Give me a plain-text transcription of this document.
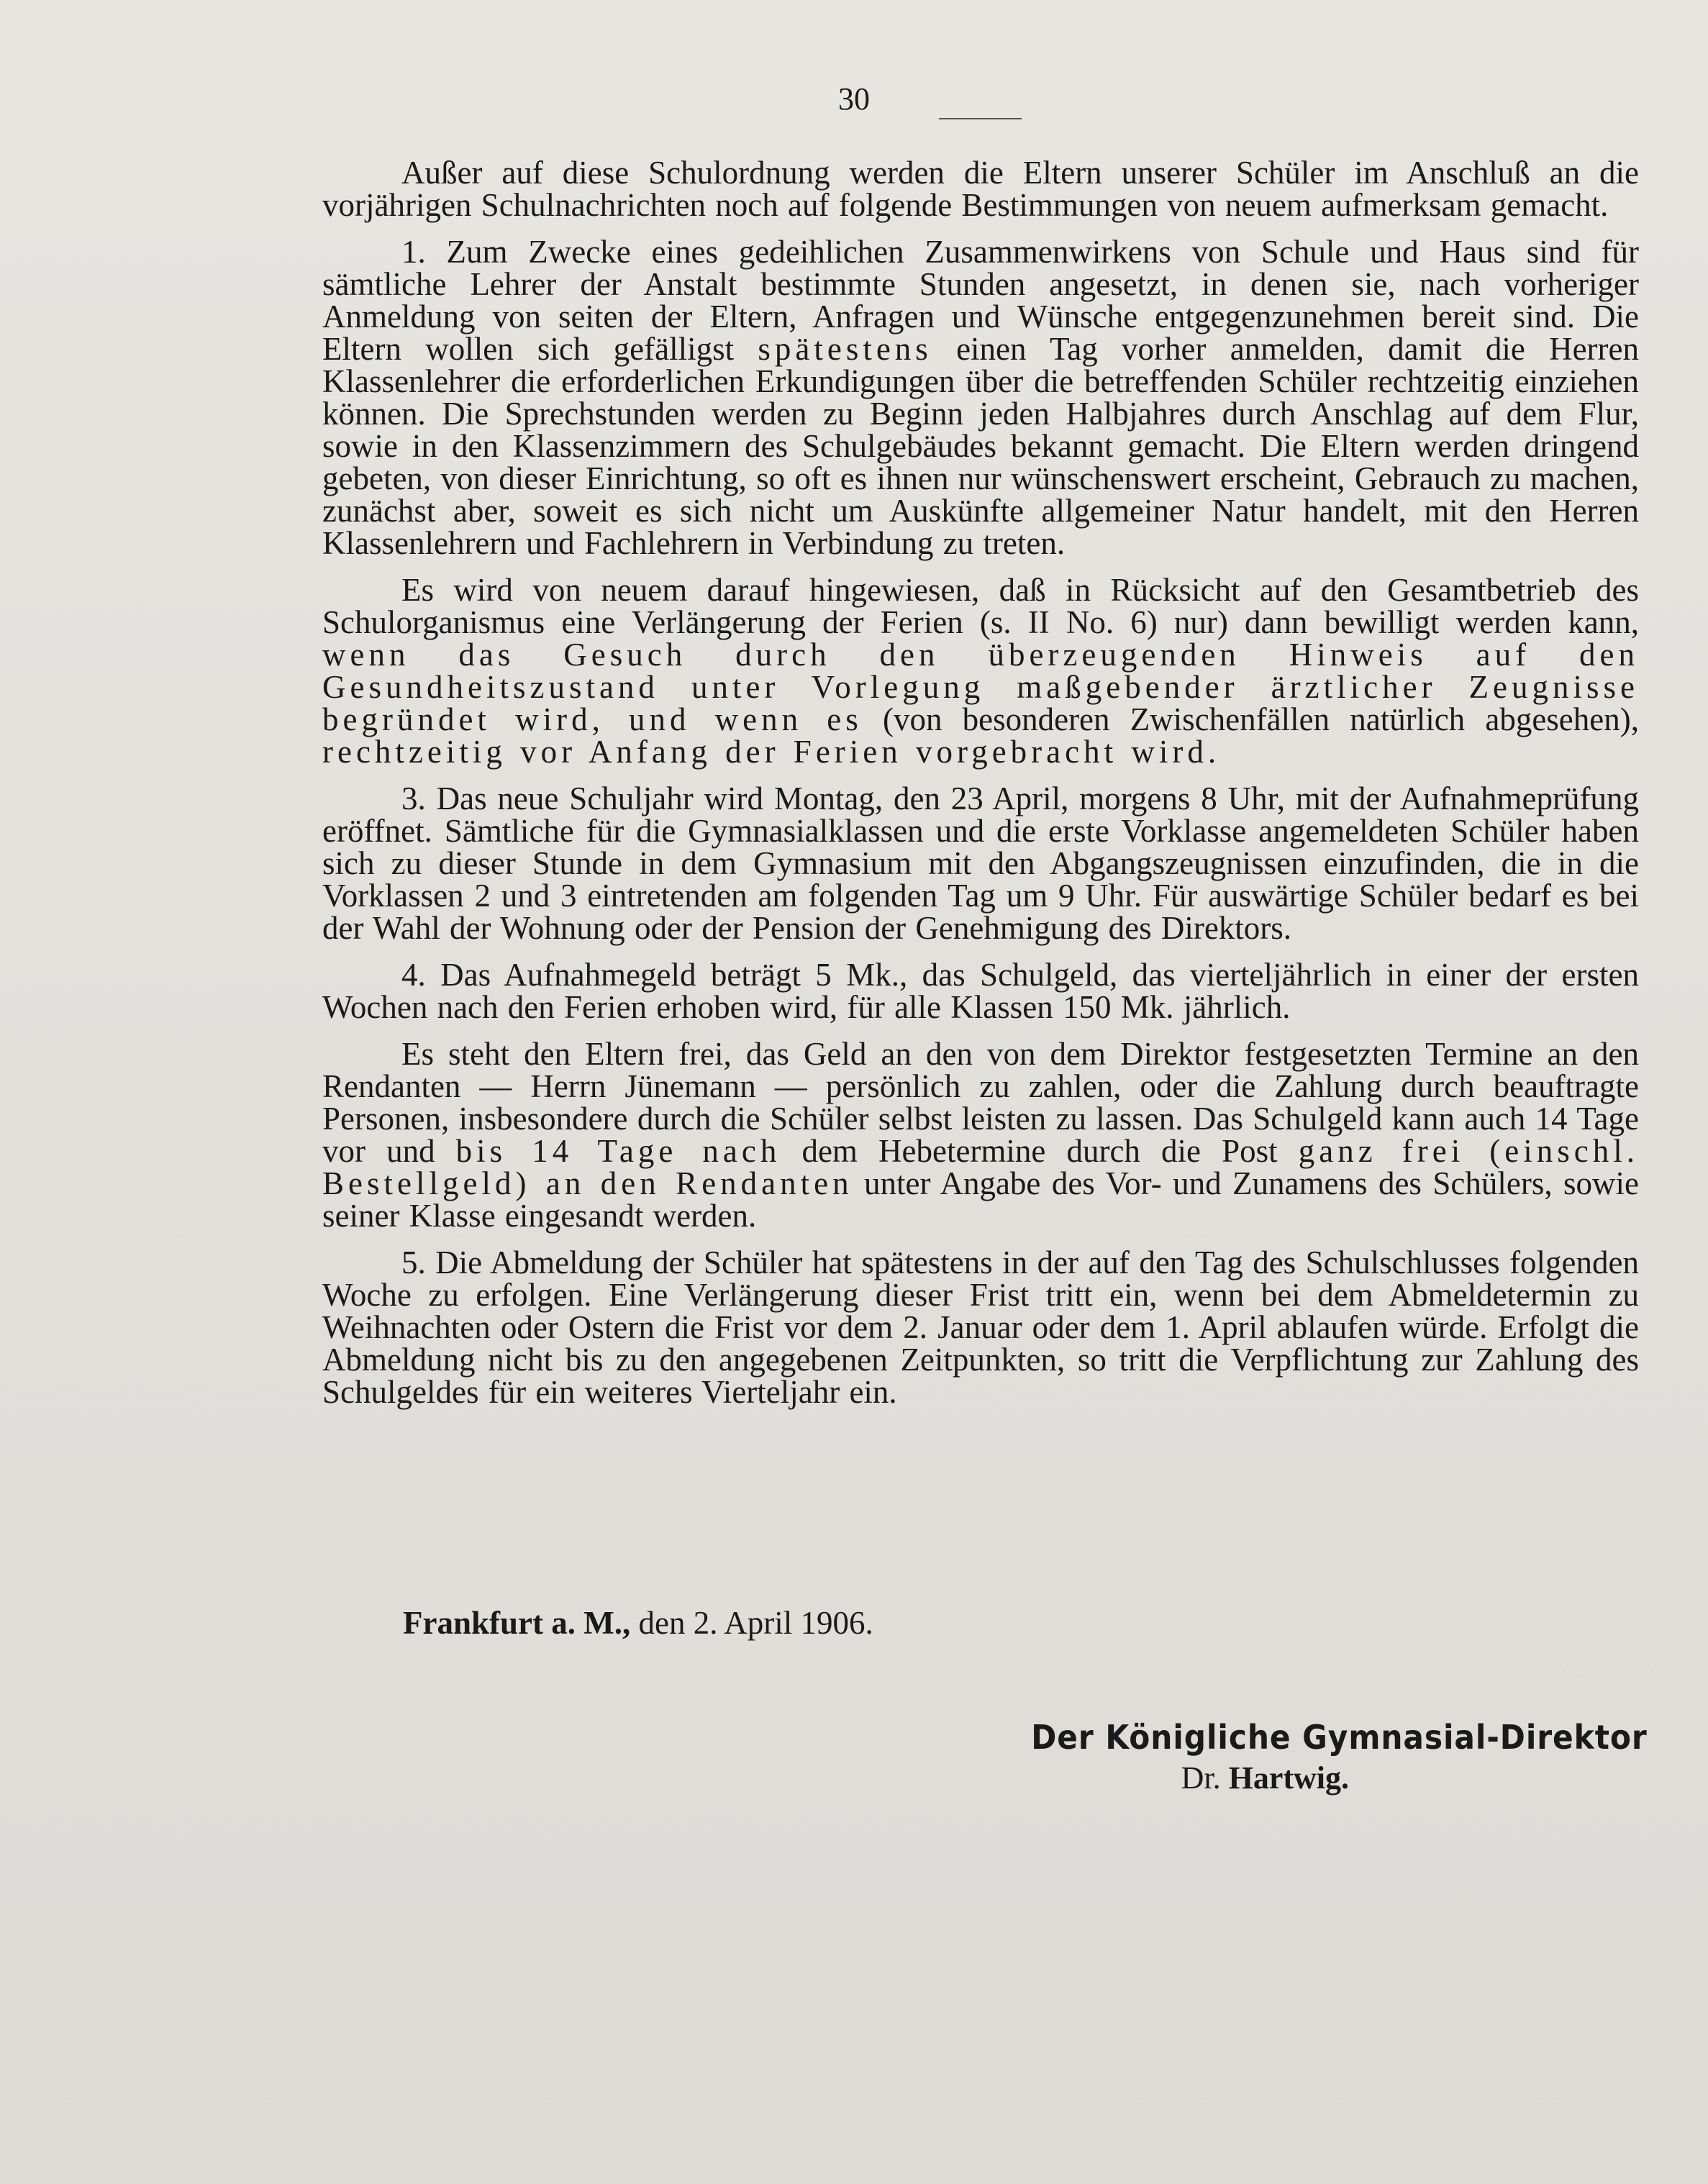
30

Außer auf diese Schulordnung werden die Eltern unserer Schüler im Anschluß an die vorjährigen Schulnachrichten noch auf folgende Bestimmungen von neuem aufmerksam gemacht.

1. Zum Zwecke eines gedeihlichen Zusammenwirkens von Schule und Haus sind für sämtliche Lehrer der Anstalt bestimmte Stunden angesetzt, in denen sie, nach vorheriger Anmeldung von seiten der Eltern, Anfragen und Wünsche entgegenzunehmen bereit sind. Die Eltern wollen sich gefälligst spätestens einen Tag vorher anmelden, damit die Herren Klassenlehrer die erforderlichen Erkundigungen über die betreffenden Schüler rechtzeitig einziehen können. Die Sprechstunden werden zu Beginn jeden Halbjahres durch Anschlag auf dem Flur, sowie in den Klassenzimmern des Schulgebäudes bekannt gemacht. Die Eltern werden dringend gebeten, von dieser Einrichtung, so oft es ihnen nur wünschenswert erscheint, Gebrauch zu machen, zunächst aber, soweit es sich nicht um Auskünfte allgemeiner Natur handelt, mit den Herren Klassenlehrern und Fachlehrern in Verbindung zu treten.

Es wird von neuem darauf hingewiesen, daß in Rücksicht auf den Gesamtbetrieb des Schulorganismus eine Verlängerung der Ferien (s. II No. 6) nur) dann bewilligt werden kann, wenn das Gesuch durch den überzeugenden Hinweis auf den Gesundheitszustand unter Vorlegung maßgebender ärztlicher Zeugnisse begründet wird, und wenn es (von besonderen Zwischenfällen natürlich abgesehen), rechtzeitig vor Anfang der Ferien vorgebracht wird.

3. Das neue Schuljahr wird Montag, den 23 April, morgens 8 Uhr, mit der Aufnahmeprüfung eröffnet. Sämtliche für die Gymnasialklassen und die erste Vorklasse angemeldeten Schüler haben sich zu dieser Stunde in dem Gymnasium mit den Abgangszeugnissen einzufinden, die in die Vorklassen 2 und 3 eintretenden am folgenden Tag um 9 Uhr. Für auswärtige Schüler bedarf es bei der Wahl der Wohnung oder der Pension der Genehmigung des Direktors.

4. Das Aufnahmegeld beträgt 5 Mk., das Schulgeld, das vierteljährlich in einer der ersten Wochen nach den Ferien erhoben wird, für alle Klassen 150 Mk. jährlich.

Es steht den Eltern frei, das Geld an den von dem Direktor festgesetzten Termine an den Rendanten — Herrn Jünemann — persönlich zu zahlen, oder die Zahlung durch beauftragte Personen, insbesondere durch die Schüler selbst leisten zu lassen. Das Schulgeld kann auch 14 Tage vor und bis 14 Tage nach dem Hebetermine durch die Post ganz frei (einschl. Bestellgeld) an den Rendanten unter Angabe des Vor- und Zunamens des Schülers, sowie seiner Klasse eingesandt werden.

5. Die Abmeldung der Schüler hat spätestens in der auf den Tag des Schulschlusses folgenden Woche zu erfolgen. Eine Verlängerung dieser Frist tritt ein, wenn bei dem Abmeldetermin zu Weihnachten oder Ostern die Frist vor dem 2. Januar oder dem 1. April ablaufen würde. Erfolgt die Abmeldung nicht bis zu den angegebenen Zeitpunkten, so tritt die Verpflichtung zur Zahlung des Schulgeldes für ein weiteres Vierteljahr ein.

Frankfurt a. M., den 2. April 1906.
Der Königliche Gymnasial-Direktor
Dr. Hartwig.
